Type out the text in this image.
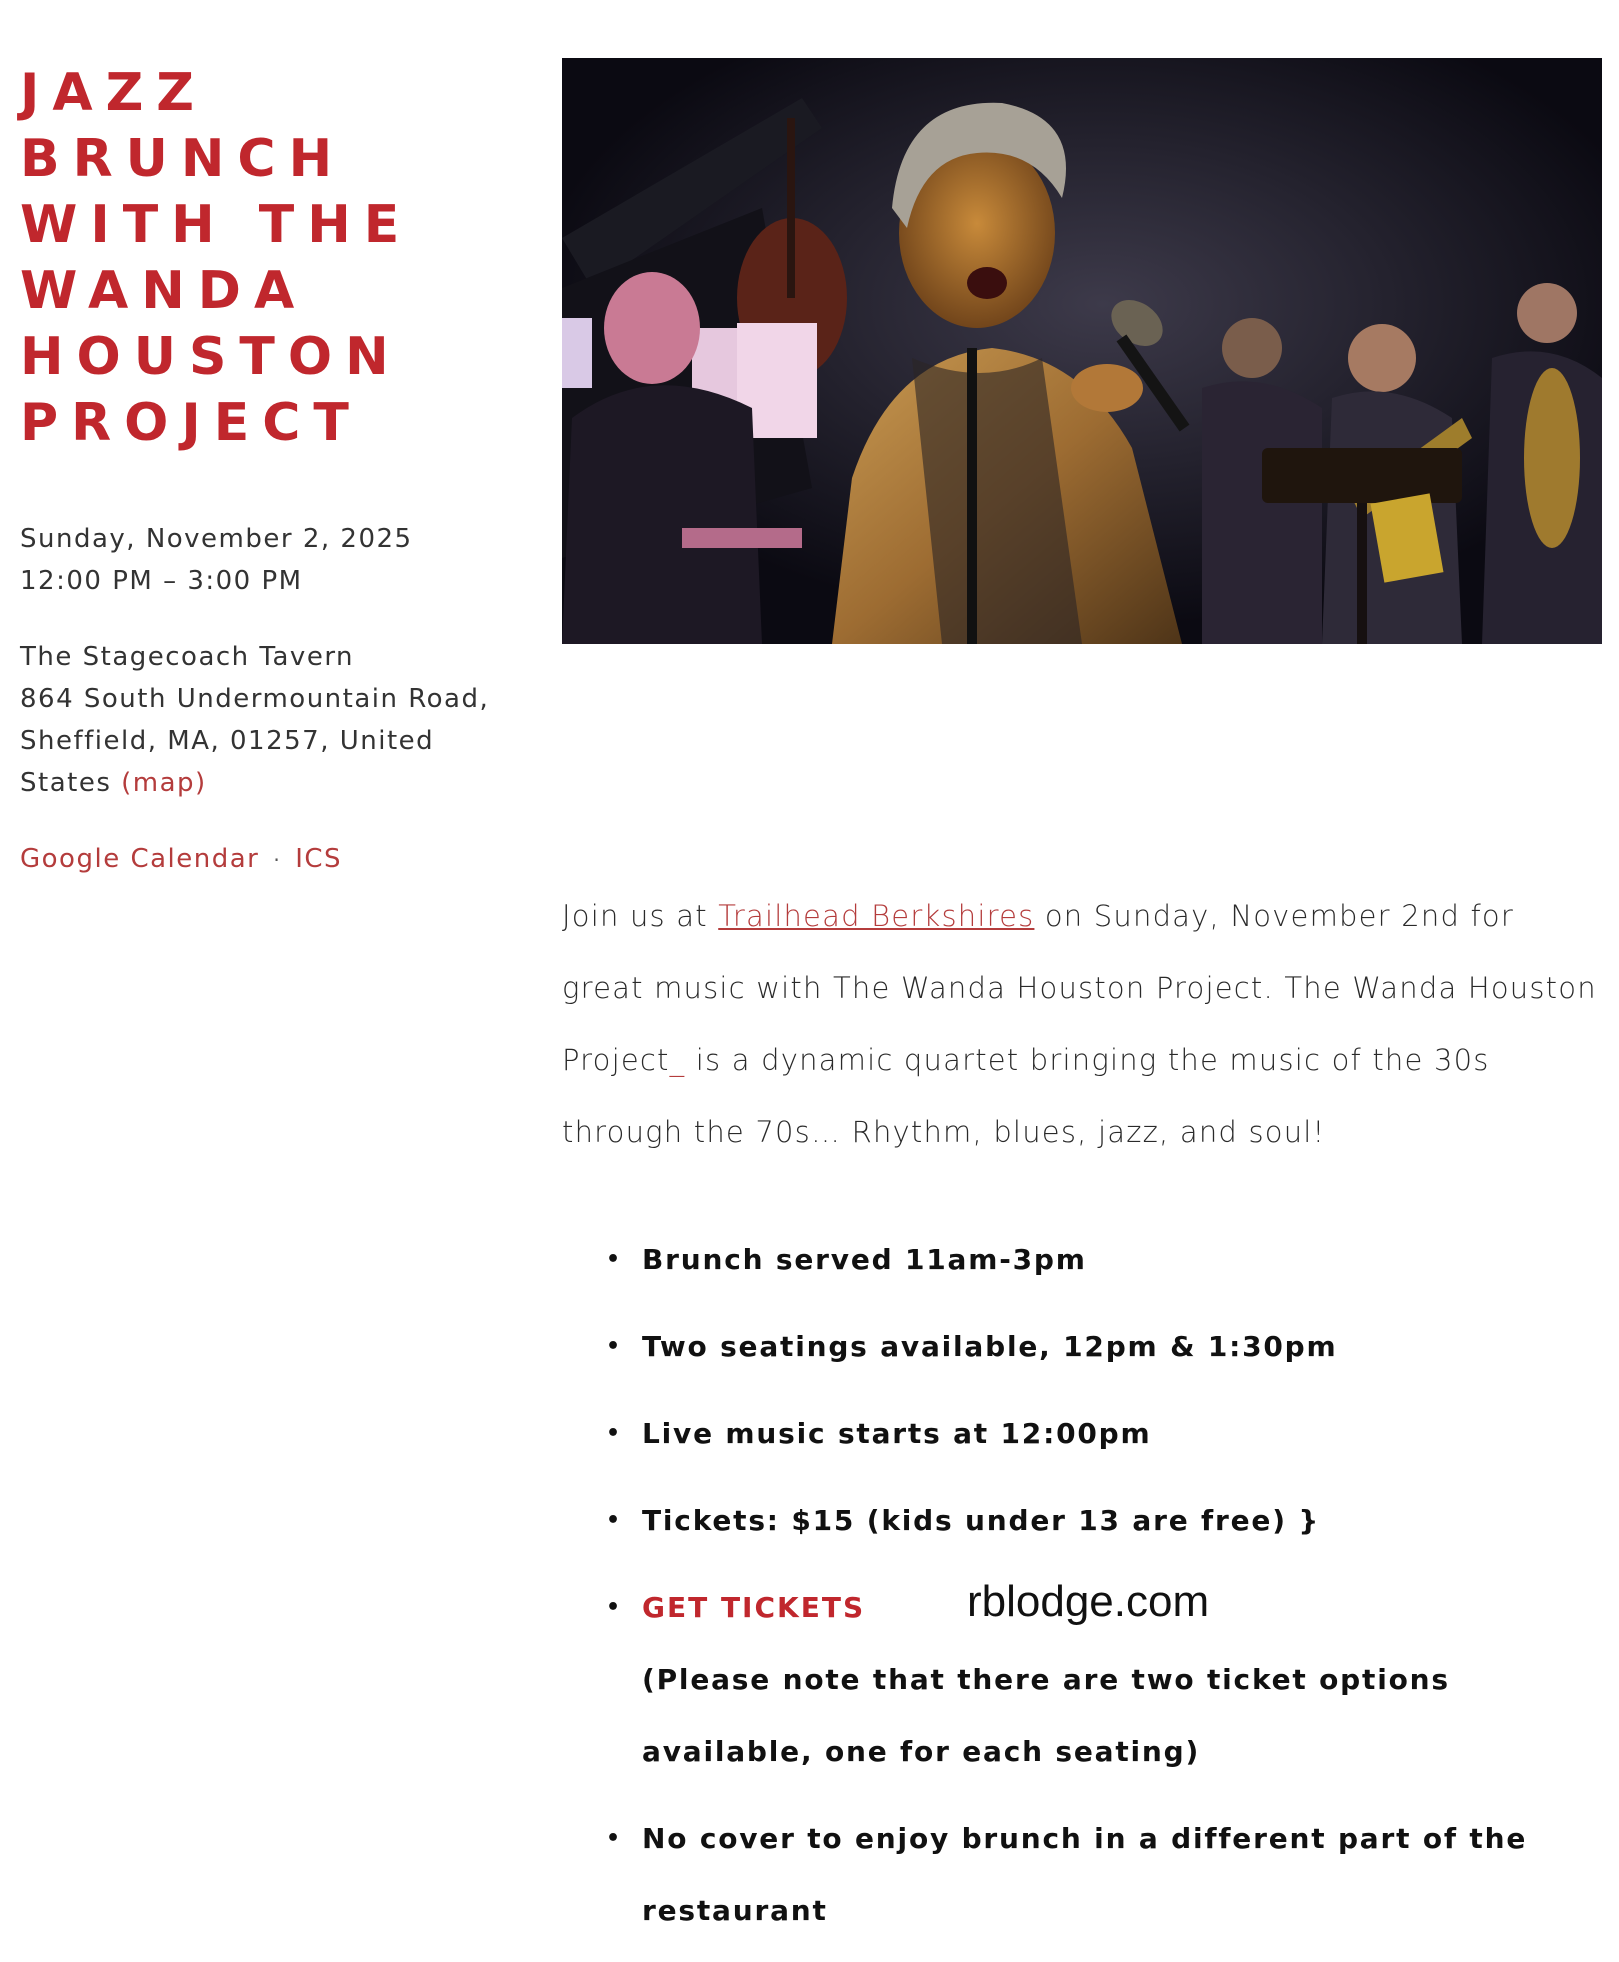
JAZZ
BRUNCH
WITH THE
WANDA
HOUSTON
PROJECT
Sunday, November 2, 2025
12:00 PM – 3:00 PM
The Stagecoach Tavern
864 South Undermountain Road,
Sheffield, MA, 01257, United
States (map)
Google Calendar · ICS

Join us at Trailhead Berkshires on Sunday, November 2nd for great music with The Wanda Houston Project. The Wanda Houston Project_ is a dynamic quartet bringing the music of the 30s through the 70s… Rhythm, blues, jazz, and soul!

• Brunch served 11am-3pm
• Two seatings available, 12pm & 1:30pm
• Live music starts at 12:00pm
• Tickets: $15 (kids under 13 are free) }
• GET TICKETS rblodge.com
(Please note that there are two ticket options available, one for each seating)
• No cover to enjoy brunch in a different part of the restaurant
